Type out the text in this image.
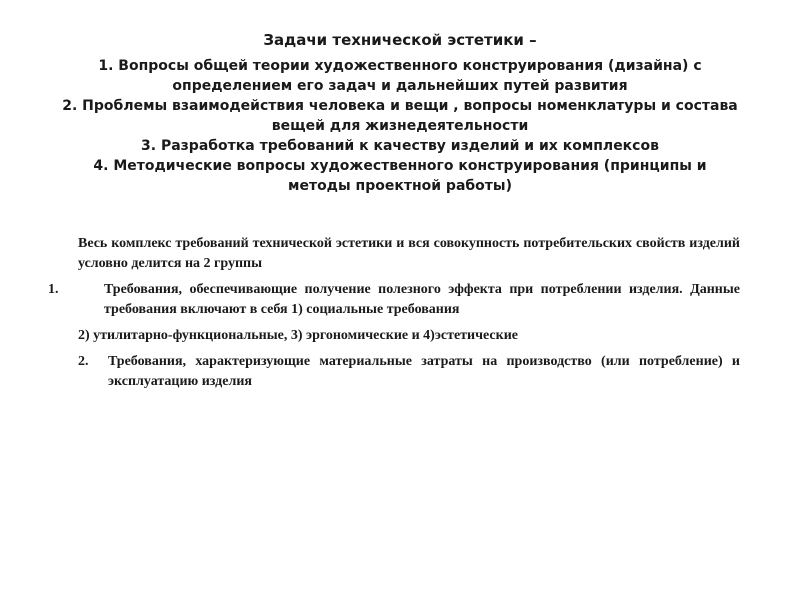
Задачи технической эстетики –
1. Вопросы общей теории художественного конструирования (дизайна) с определением его задач и дальнейших путей развития
2. Проблемы взаимодействия человека и вещи , вопросы номенклатуры и состава вещей для жизнедеятельности
3. Разработка требований к качеству изделий и их комплексов
4. Методические вопросы художественного конструирования (принципы и методы проектной работы)

Весь комплекс требований технической эстетики и вся совокупность потребительских свойств изделий условно делится на 2 группы

1.	Требования, обеспечивающие получение полезного эффекта при потреблении изделия. Данные требования включают в себя 1) социальные требования
2) утилитарно-функциональные, 3) эргономические и 4)эстетические
2.	Требования, характеризующие материальные затраты на производство (или потребление) и эксплуатацию изделия
